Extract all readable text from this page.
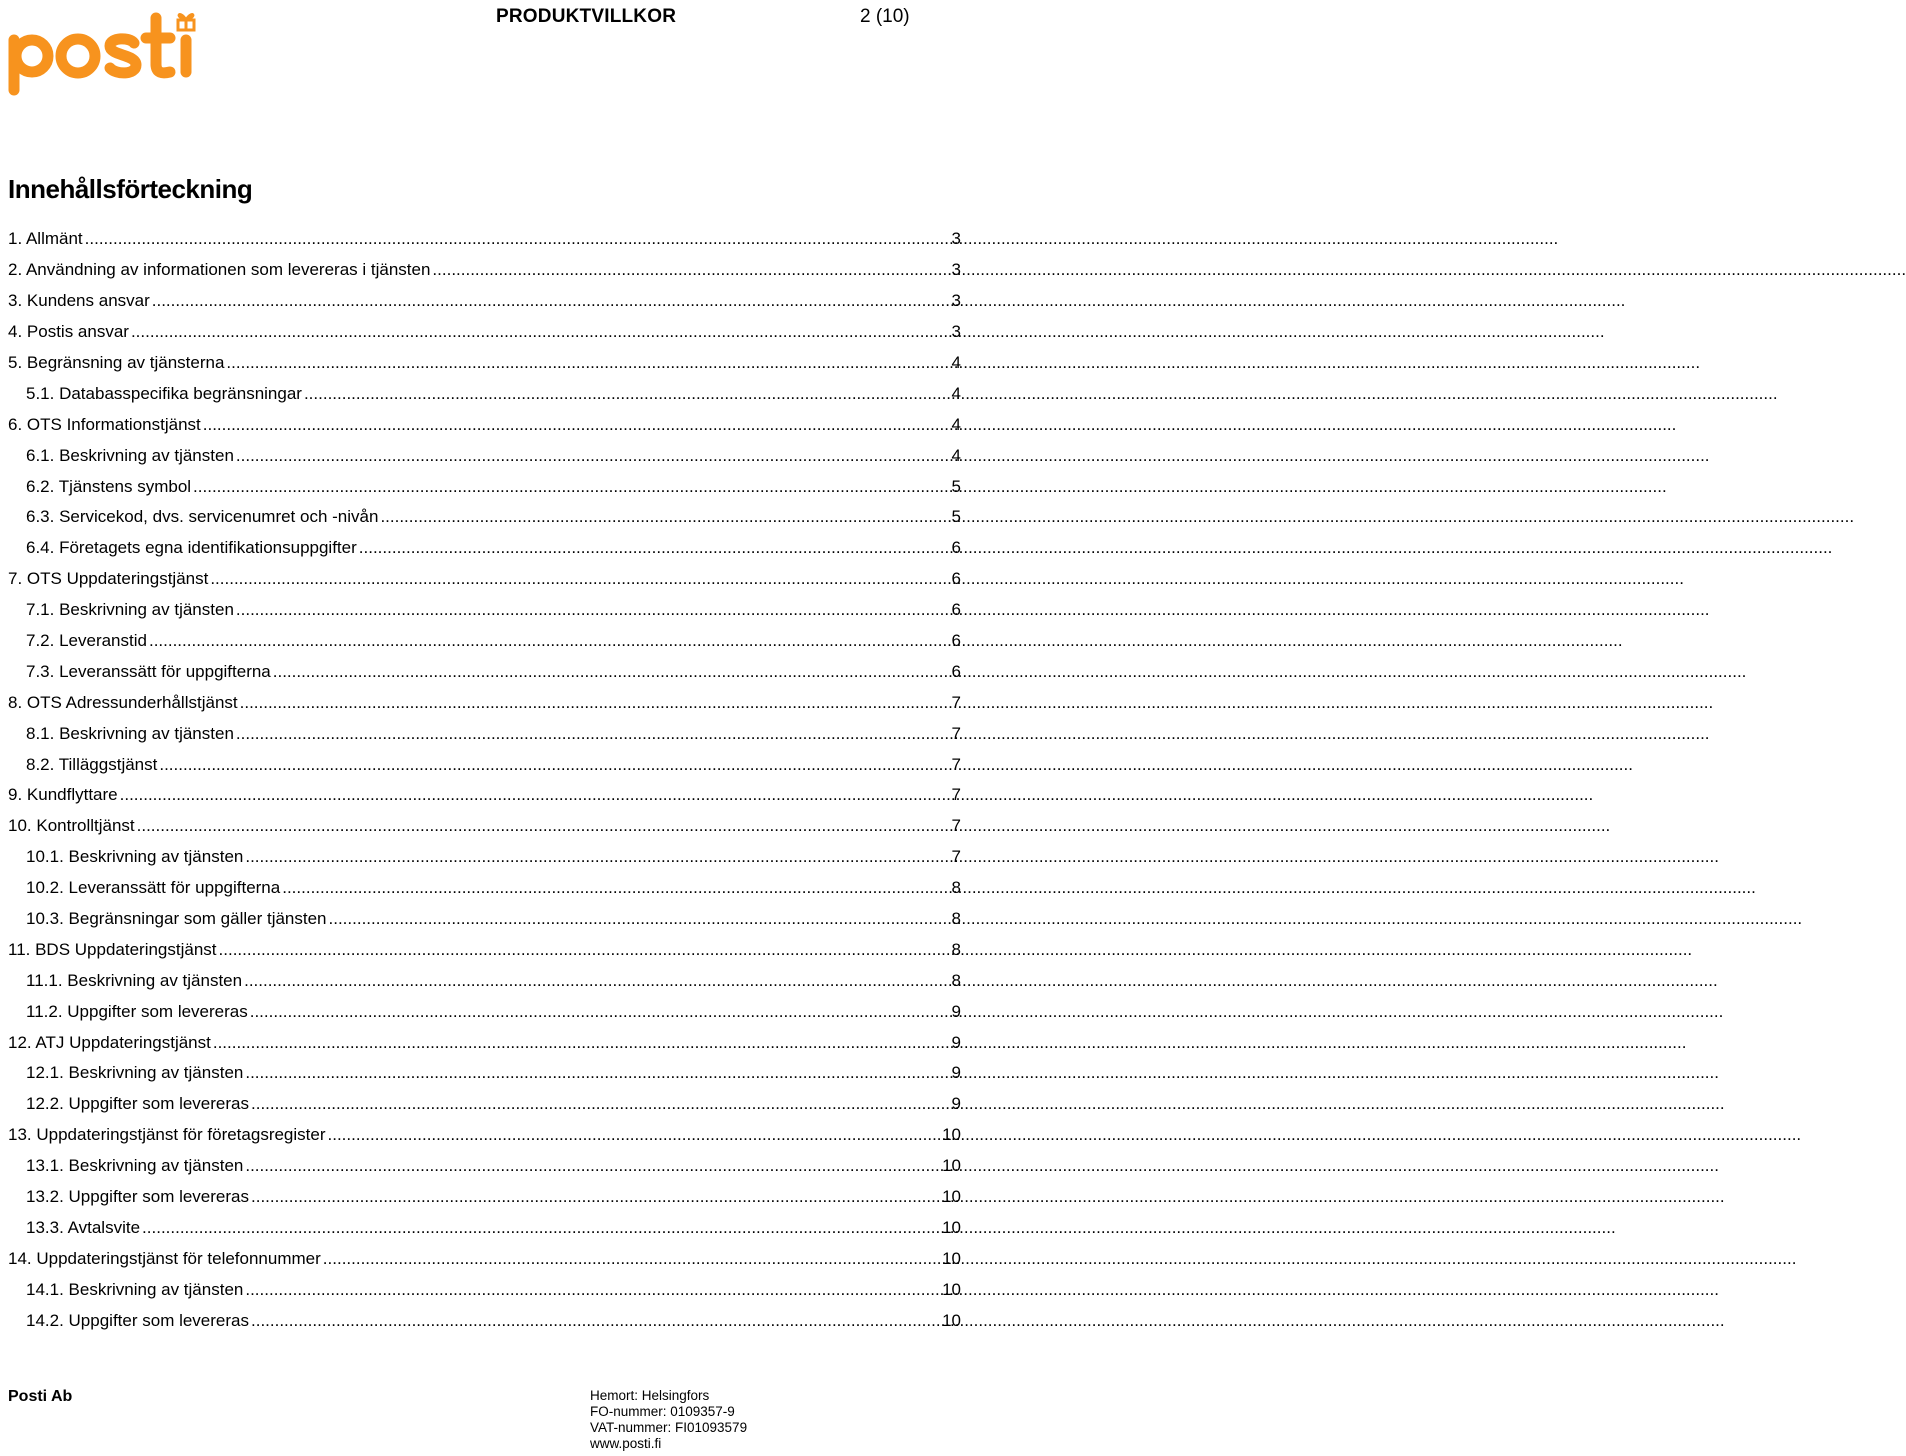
PRODUKTVILLKOR	2 (10)
Innehållsförteckning
1. Allmänt .....	3
2. Användning av informationen som levereras i tjänsten .....	3
3. Kundens ansvar .....	3
4. Postis ansvar .....	3
5. Begränsning av tjänsterna .....	4
5.1. Databasspecifika begränsningar .....	4
6. OTS Informationstjänst .....	4
6.1. Beskrivning av tjänsten .....	4
6.2. Tjänstens symbol .....	5
6.3. Servicekod, dvs. servicenumret och -nivån .....	5
6.4. Företagets egna identifikationsuppgifter .....	6
7. OTS Uppdateringstjänst .....	6
7.1. Beskrivning av tjänsten .....	6
7.2. Leveranstid .....	6
7.3. Leveranssätt för uppgifterna .....	6
8. OTS Adressunderhållstjänst .....	7
8.1. Beskrivning av tjänsten .....	7
8.2. Tilläggstjänst .....	7
9. Kundflyttare .....	7
10. Kontrolltjänst .....	7
10.1. Beskrivning av tjänsten .....	7
10.2. Leveranssätt för uppgifterna .....	8
10.3. Begränsningar som gäller tjänsten .....	8
11. BDS Uppdateringstjänst .....	8
11.1. Beskrivning av tjänsten .....	8
11.2. Uppgifter som levereras .....	9
12. ATJ Uppdateringstjänst .....	9
12.1. Beskrivning av tjänsten .....	9
12.2. Uppgifter som levereras .....	9
13. Uppdateringstjänst för företagsregister .....	10
13.1. Beskrivning av tjänsten .....	10
13.2. Uppgifter som levereras .....	10
13.3. Avtalsvite .....	10
14. Uppdateringstjänst för telefonnummer .....	10
14.1. Beskrivning av tjänsten .....	10
14.2. Uppgifter som levereras .....	10
Posti Ab	Hemort: Helsingfors
FO-nummer: 0109357-9
VAT-nummer: FI01093579
www.posti.fi
